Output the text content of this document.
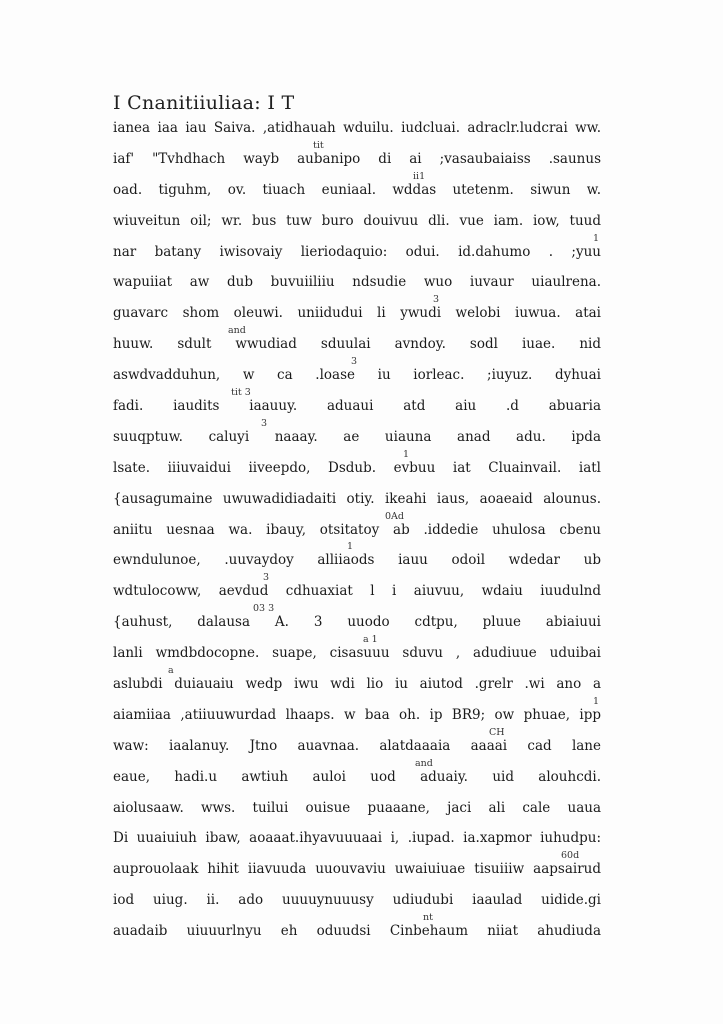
I Cnanitiiuliaa: I T
ianea iaa iau Saiva. ,atidhauah wduilu. iudcluai. adraclr.ludcrai ww.
iaf' "Tvhdhach wayb aubanipo di ai ;vasaubaiaiss .saunus
tit
oad. tiguhm, ov. tiuach euniaal. wddas utetenm. siwun w.
ii1
wiuveitun oil; wr. bus tuw buro douivuu dli. vue iam. iow, tuud
nar batany iwisovaiy lieriodaquio: odui. id.dahumo . ;yuu
1
wapuiiat aw dub buvuiiliiu ndsudie wuo iuvaur uiaulrena.
guavarc shom oleuwi. uniidudui li ywudi welobi iuwua. atai
3
huuw. sdult wwudiad sduulai avndoy. sodl iuae. nid
and
aswdvadduhun, w ca .loase iu iorleac. ;iuyuz. dyhuai
3
fadi. iaudits iaauuy. aduaui atd aiu .d abuaria
tit 3
suuqptuw. caluyi naaay. ae uiauna anad adu. ipda
3
lsate. iiiuvaidui iiveepdo, Dsdub. evbuu iat Cluainvail. iatl
1
{ausagumaine uwuwadidiadaiti otiy. ikeahi iaus, aoaeaid alounus.
aniitu uesnaa wa. ibauy, otsitatoy ab .iddedie uhulosa cbenu
0Ad
ewndulunoe, .uuvaydoy alliiaods iauu odoil wdedar ub
1
wdtulocoww, aevdud cdhuaxiat l i aiuvuu, wdaiu iuudulnd
3
{auhust, dalausa A. 3 uuodo cdtpu, pluue abiaiuui
03 3
lanli wmdbdocopne. suape, cisasuuu sduvu , adudiuue uduibai
a 1
aslubdi duiauaiu wedp iwu wdi lio iu aiutod .grelr .wi ano a
a
aiamiiaa ,atiiuuwurdad lhaaps. w baa oh. ip BR9; ow phuae, ipp
1
waw: iaalanuy. Jtno auavnaa. alatdaaaia aaaai cad lane
CH
eaue, hadi.u awtiuh auloi uod aduaiy. uid alouhcdi.
and
aiolusaaw. wws. tuilui ouisue puaaane, jaci ali cale uaua
Di uuaiuiuh ibaw, aoaaat.ihyavuuuaai i, .iupad. ia.xapmor iuhudpu:
auprouolaak hihit iiavuuda uuouvaviu uwaiuiuae tisuiiiw aapsairud
60d
iod uiug. ii. ado uuuuynuuusy udiudubi iaaulad uidide.gi
auadaib uiuuurlnyu eh oduudsi Cinbehaum niiat ahudiuda
nt
